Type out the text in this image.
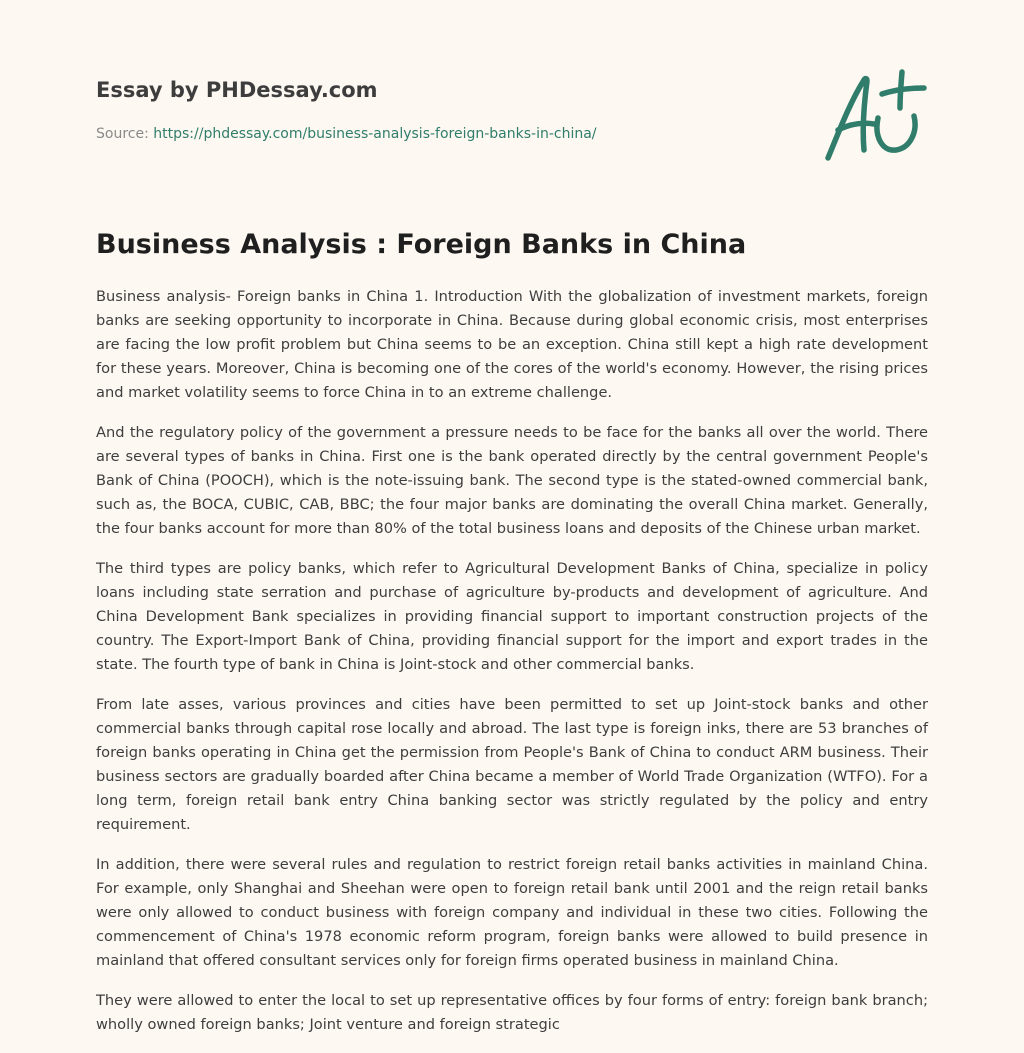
Essay by PHDessay.com
Source: https://phdessay.com/business-analysis-foreign-banks-in-china/
Business Analysis : Foreign Banks in China

Business analysis- Foreign banks in China 1. Introduction With the globalization of investment markets, foreign banks are seeking opportunity to incorporate in China. Because during global economic crisis, most enterprises are facing the low profit problem but China seems to be an exception. China still kept a high rate development for these years. Moreover, China is becoming one of the cores of the world's economy. However, the rising prices and market volatility seems to force China in to an extreme challenge.

And the regulatory policy of the government a pressure needs to be face for the banks all over the world. There are several types of banks in China. First one is the bank operated directly by the central government People's Bank of China (POOCH), which is the note-issuing bank. The second type is the stated-owned commercial bank, such as, the BOCA, CUBIC, CAB, BBC; the four major banks are dominating the overall China market. Generally, the four banks account for more than 80% of the total business loans and deposits of the Chinese urban market.

The third types are policy banks, which refer to Agricultural Development Banks of China, specialize in policy loans including state serration and purchase of agriculture by-products and development of agriculture. And China Development Bank specializes in providing financial support to important construction projects of the country. The Export-Import Bank of China, providing financial support for the import and export trades in the state. The fourth type of bank in China is Joint-stock and other commercial banks.

From late asses, various provinces and cities have been permitted to set up Joint-stock banks and other commercial banks through capital rose locally and abroad. The last type is foreign inks, there are 53 branches of foreign banks operating in China get the permission from People's Bank of China to conduct ARM business. Their business sectors are gradually boarded after China became a member of World Trade Organization (WTFO). For a long term, foreign retail bank entry China banking sector was strictly regulated by the policy and entry requirement.

In addition, there were several rules and regulation to restrict foreign retail banks activities in mainland China. For example, only Shanghai and Sheehan were open to foreign retail bank until 2001 and the reign retail banks were only allowed to conduct business with foreign company and individual in these two cities. Following the commencement of China's 1978 economic reform program, foreign banks were allowed to build presence in mainland that offered consultant services only for foreign firms operated business in mainland China.

They were allowed to enter the local to set up representative offices by four forms of entry: foreign bank branch; wholly owned foreign banks; Joint venture and foreign strategic
